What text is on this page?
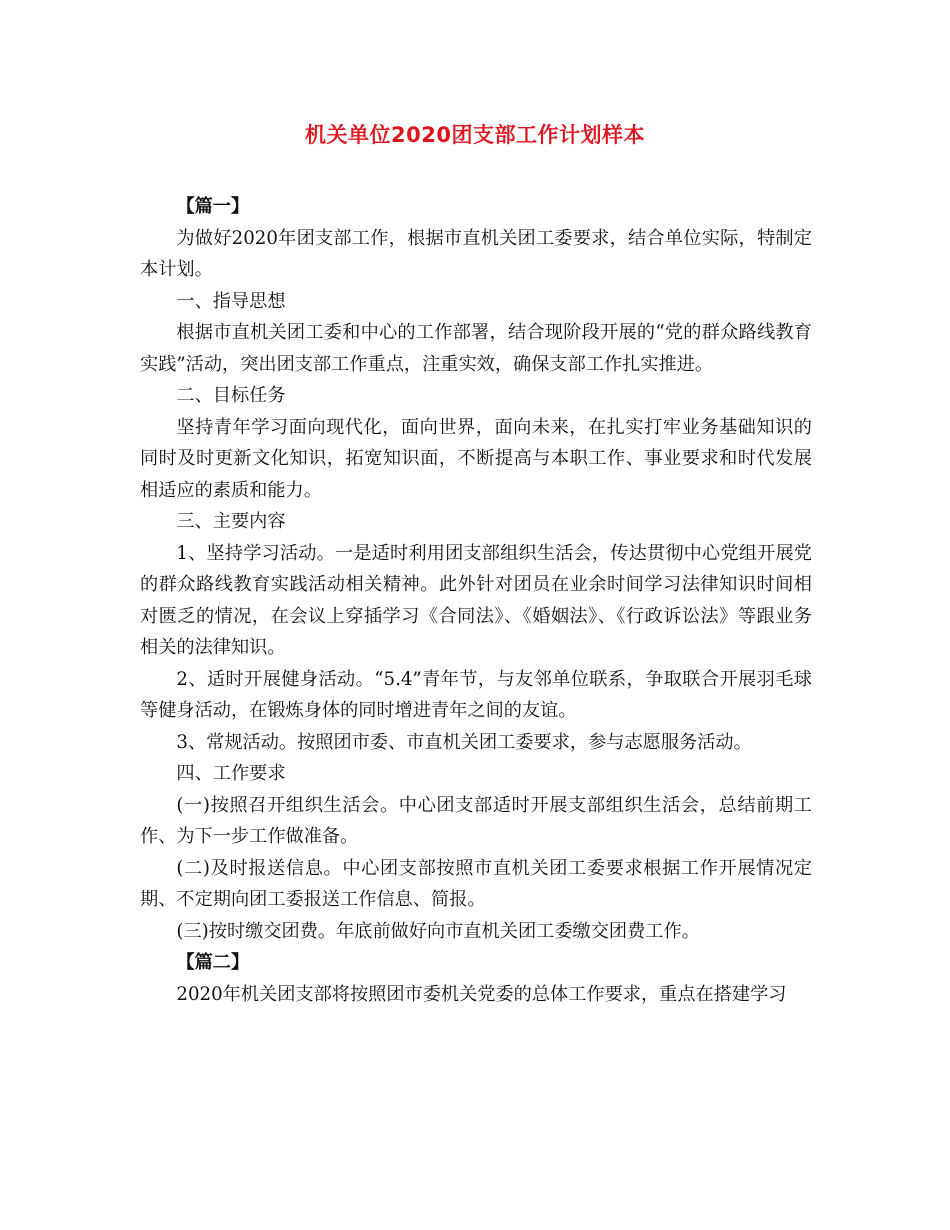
机关单位2020团支部工作计划样本

【篇一】

为做好2020年团支部工作，根据市直机关团工委要求，结合单位实际，特制定本计划。

一、指导思想

根据市直机关团工委和中心的工作部署，结合现阶段开展的“党的群众路线教育实践”活动，突出团支部工作重点，注重实效，确保支部工作扎实推进。

二、目标任务

坚持青年学习面向现代化，面向世界，面向未来，在扎实打牢业务基础知识的同时及时更新文化知识，拓宽知识面，不断提高与本职工作、事业要求和时代发展相适应的素质和能力。

三、主要内容

1、坚持学习活动。一是适时利用团支部组织生活会，传达贯彻中心党组开展党的群众路线教育实践活动相关精神。此外针对团员在业余时间学习法律知识时间相对匮乏的情况，在会议上穿插学习《合同法》、《婚姻法》、《行政诉讼法》等跟业务相关的法律知识。

2、适时开展健身活动。“5.4”青年节，与友邻单位联系，争取联合开展羽毛球等健身活动，在锻炼身体的同时增进青年之间的友谊。

3、常规活动。按照团市委、市直机关团工委要求，参与志愿服务活动。

四、工作要求

(一)按照召开组织生活会。中心团支部适时开展支部组织生活会，总结前期工作、为下一步工作做准备。

(二)及时报送信息。中心团支部按照市直机关团工委要求根据工作开展情况定期、不定期向团工委报送工作信息、简报。

(三)按时缴交团费。年底前做好向市直机关团工委缴交团费工作。

【篇二】

2020年机关团支部将按照团市委机关党委的总体工作要求，重点在搭建学习
